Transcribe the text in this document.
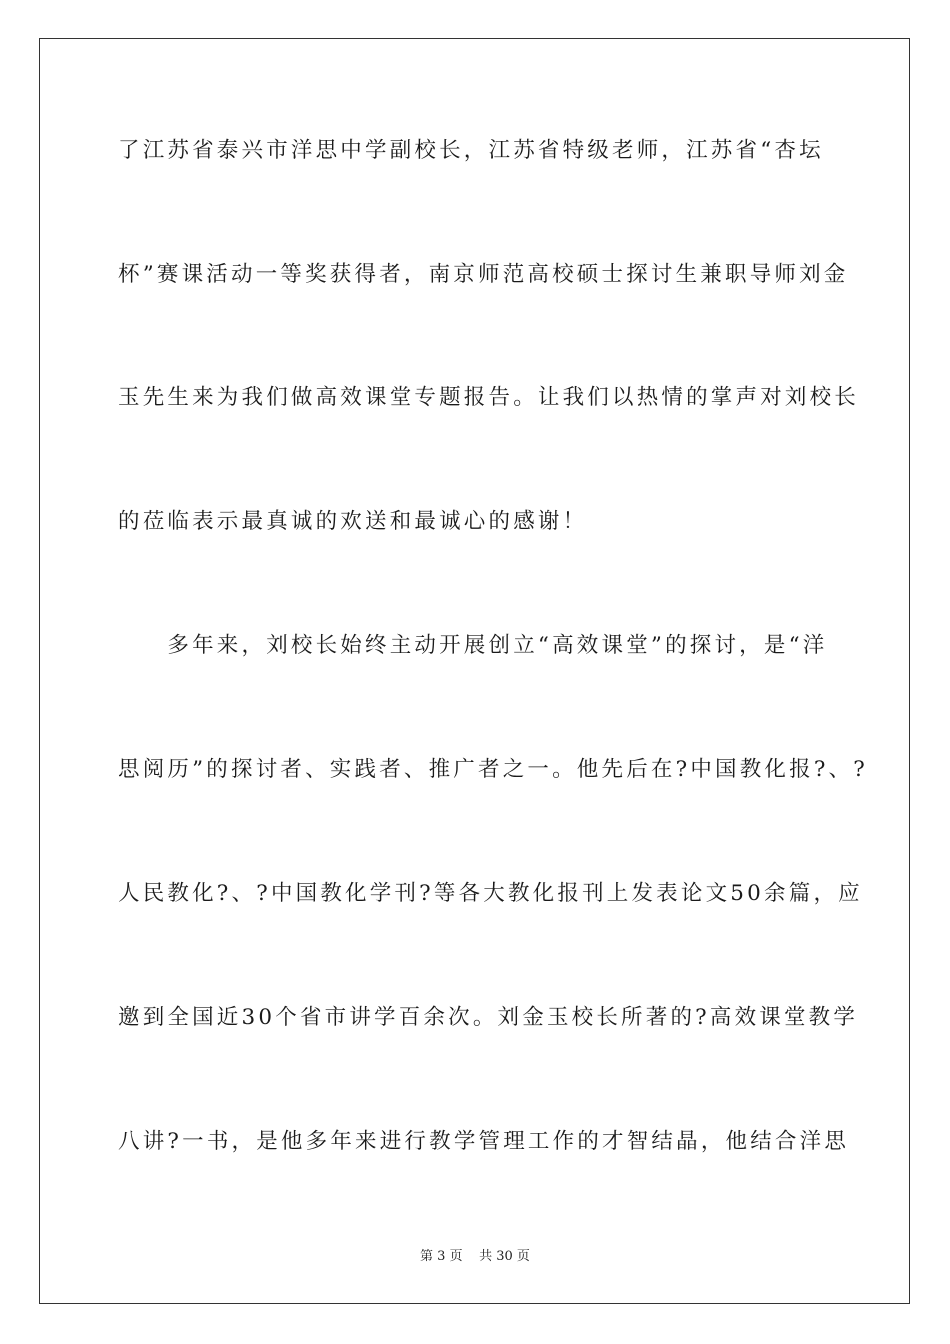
了江苏省泰兴市洋思中学副校长，江苏省特级老师，江苏省“杏坛
杯”赛课活动一等奖获得者，南京师范高校硕士探讨生兼职导师刘金
玉先生来为我们做高效课堂专题报告。让我们以热情的掌声对刘校长
的莅临表示最真诚的欢送和最诚心的感谢！
　　多年来，刘校长始终主动开展创立“高效课堂”的探讨，是“洋
思阅历”的探讨者、实践者、推广者之一。他先后在?中国教化报?、?
人民教化?、?中国教化学刊?等各大教化报刊上发表论文50余篇，应
邀到全国近30个省市讲学百余次。刘金玉校长所著的?高效课堂教学
八讲?一书，是他多年来进行教学管理工作的才智结晶，他结合洋思
第 3 页 共 30 页
